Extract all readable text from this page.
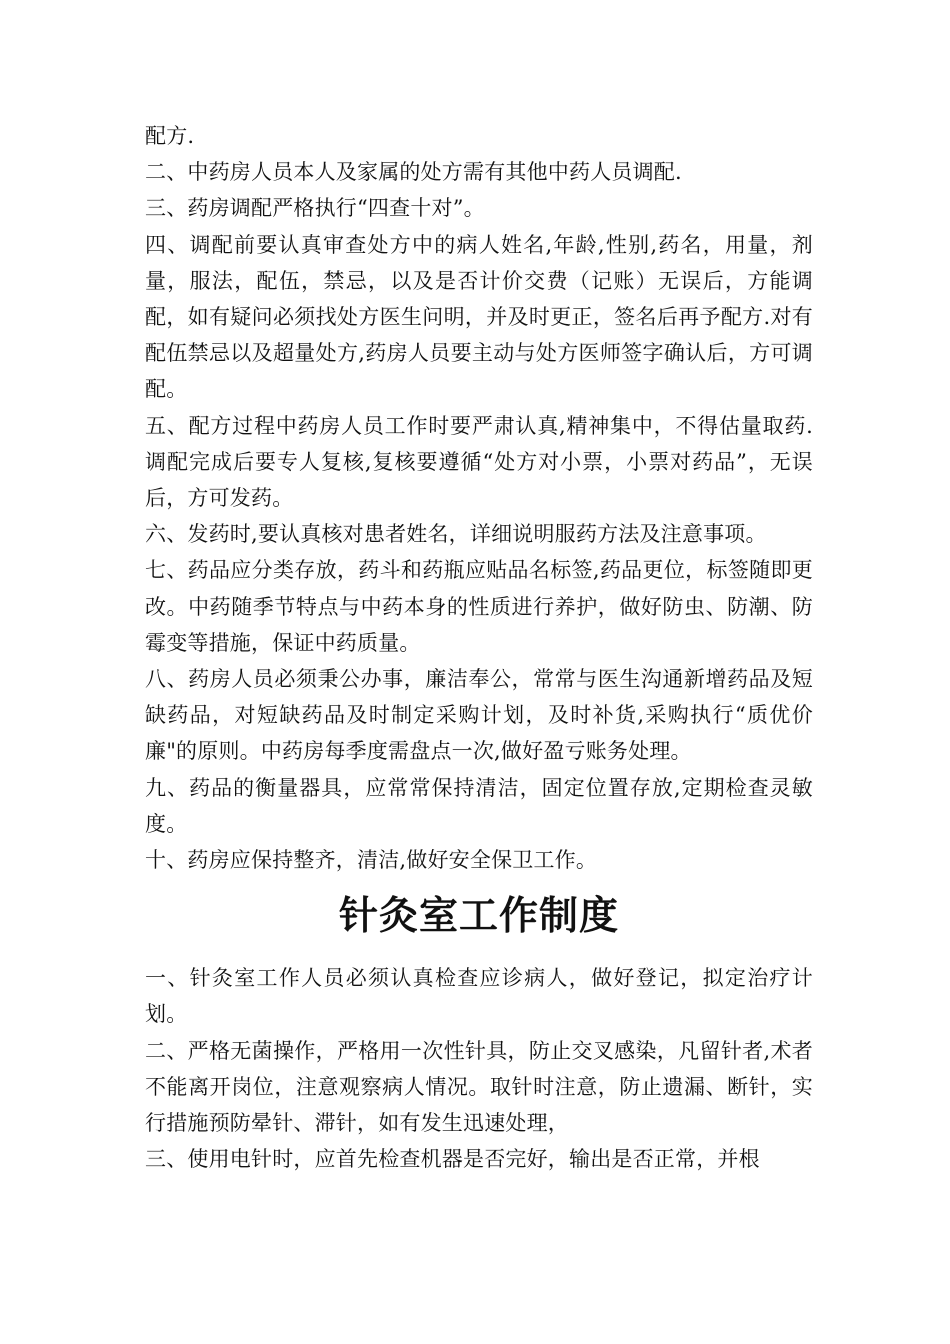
配方.

二、中药房人员本人及家属的处方需有其他中药人员调配.

三、药房调配严格执行“四查十对”。

四、调配前要认真审查处方中的病人姓名,年龄,性别,药名，用量，剂量，服法，配伍，禁忌，以及是否计价交费（记账）无误后，方能调配，如有疑问必须找处方医生问明，并及时更正，签名后再予配方.对有配伍禁忌以及超量处方,药房人员要主动与处方医师签字确认后，方可调配。

五、配方过程中药房人员工作时要严肃认真,精神集中，不得估量取药.调配完成后要专人复核,复核要遵循“处方对小票，小票对药品”，无误后，方可发药。

六、发药时,要认真核对患者姓名，详细说明服药方法及注意事项。

七、药品应分类存放，药斗和药瓶应贴品名标签,药品更位，标签随即更改。中药随季节特点与中药本身的性质进行养护，做好防虫、防潮、防霉变等措施，保证中药质量。

八、药房人员必须秉公办事，廉洁奉公，常常与医生沟通新增药品及短缺药品，对短缺药品及时制定采购计划，及时补货,采购执行“质优价廉"的原则。中药房每季度需盘点一次,做好盈亏账务处理。

九、药品的衡量器具，应常常保持清洁，固定位置存放,定期检查灵敏度。

十、药房应保持整齐，清洁,做好安全保卫工作。

针灸室工作制度

一、针灸室工作人员必须认真检查应诊病人，做好登记，拟定治疗计划。

二、严格无菌操作，严格用一次性针具，防止交叉感染，凡留针者,术者不能离开岗位，注意观察病人情况。取针时注意，防止遗漏、断针，实行措施预防晕针、滞针，如有发生迅速处理，

三、使用电针时，应首先检查机器是否完好，输出是否正常，并根
